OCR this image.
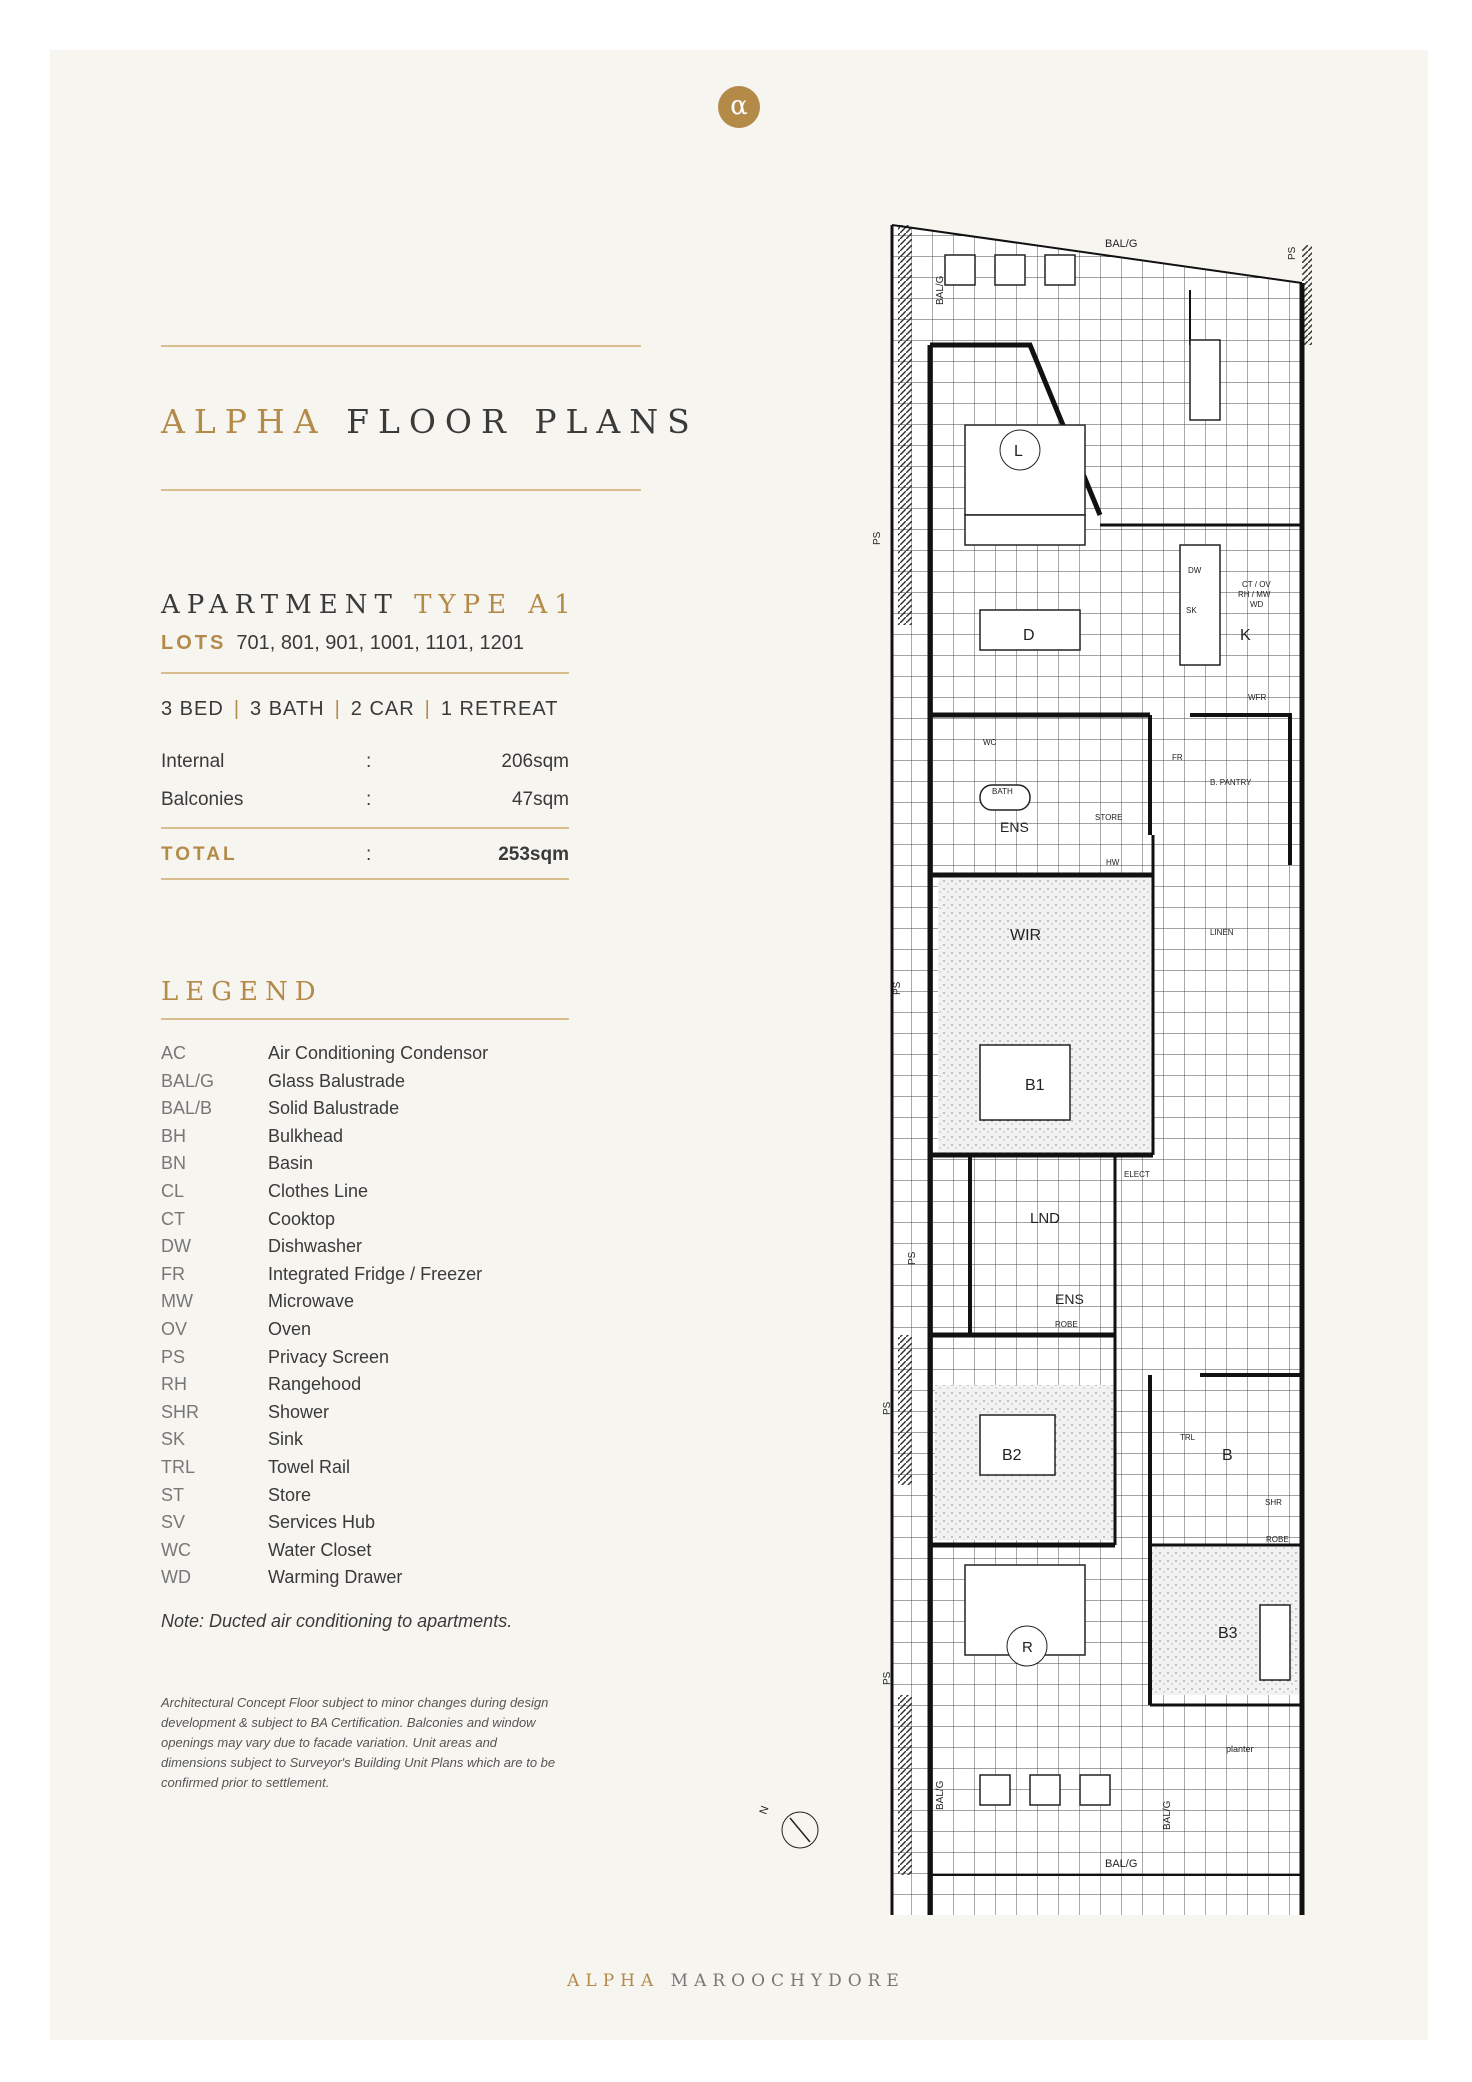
α
ALPHA FLOOR PLANS
APARTMENT TYPE A1
LOTS 701, 801, 901, 1001, 1101, 1201
3 BED | 3 BATH | 2 CAR | 1 RETREAT
Internal	:	206sqm
Balconies	:	47sqm
TOTAL	:	253sqm
LEGEND
AC	Air Conditioning Condensor
BAL/G	Glass Balustrade
BAL/B	Solid Balustrade
BH	Bulkhead
BN	Basin
CL	Clothes Line
CT	Cooktop
DW	Dishwasher
FR	Integrated Fridge / Freezer
MW	Microwave
OV	Oven
PS	Privacy Screen
RH	Rangehood
SHR	Shower
SK	Sink
TRL	Towel Rail
ST	Store
SV	Services Hub
WC	Water Closet
WD	Warming Drawer
Note: Ducted air conditioning to apartments.
Architectural Concept Floor subject to minor changes during design development & subject to BA Certification. Balconies and window openings may vary due to facade variation. Unit areas and dimensions subject to Surveyor's Building Unit Plans which are to be confirmed prior to settlement.
ALPHA MAROOCHYDORE
BAL/G
BAL/G
L
D	K
DW
SK
CT / OV
RH / MW
WD
WFR
ENS
BATH
STORE
HW
WC
FR
B. PANTRY
LINEN
WIR
B1
ELECT
LND
ROBE
ENS
B2	B
B3
R
planter
ROBE
SHR
TRL
PS
PS
PS
PS
PS
PS
BAL/G
BAL/G
BAL/G
N
